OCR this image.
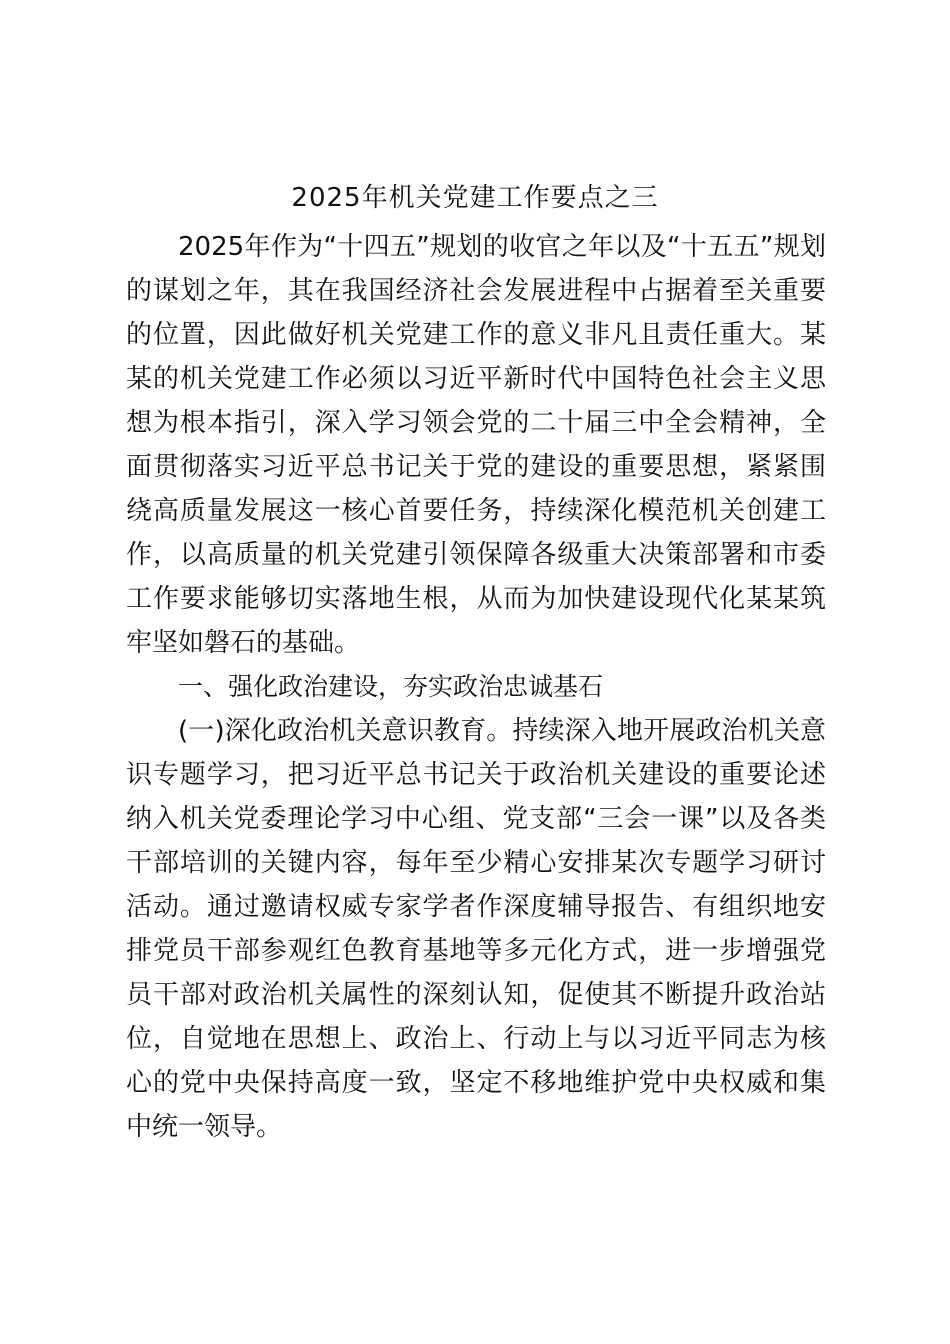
2025年机关党建工作要点之三

2025年作为“十四五”规划的收官之年以及“十五五”规划的谋划之年，其在我国经济社会发展进程中占据着至关重要的位置，因此做好机关党建工作的意义非凡且责任重大。某某的机关党建工作必须以习近平新时代中国特色社会主义思想为根本指引，深入学习领会党的二十届三中全会精神，全面贯彻落实习近平总书记关于党的建设的重要思想，紧紧围绕高质量发展这一核心首要任务，持续深化模范机关创建工作，以高质量的机关党建引领保障各级重大决策部署和市委工作要求能够切实落地生根，从而为加快建设现代化某某筑牢坚如磐石的基础。

一、强化政治建设，夯实政治忠诚基石

(一)深化政治机关意识教育。持续深入地开展政治机关意识专题学习，把习近平总书记关于政治机关建设的重要论述纳入机关党委理论学习中心组、党支部“三会一课”以及各类干部培训的关键内容，每年至少精心安排某次专题学习研讨活动。通过邀请权威专家学者作深度辅导报告、有组织地安排党员干部参观红色教育基地等多元化方式，进一步增强党员干部对政治机关属性的深刻认知，促使其不断提升政治站位，自觉地在思想上、政治上、行动上与以习近平同志为核心的党中央保持高度一致，坚定不移地维护党中央权威和集中统一领导。
